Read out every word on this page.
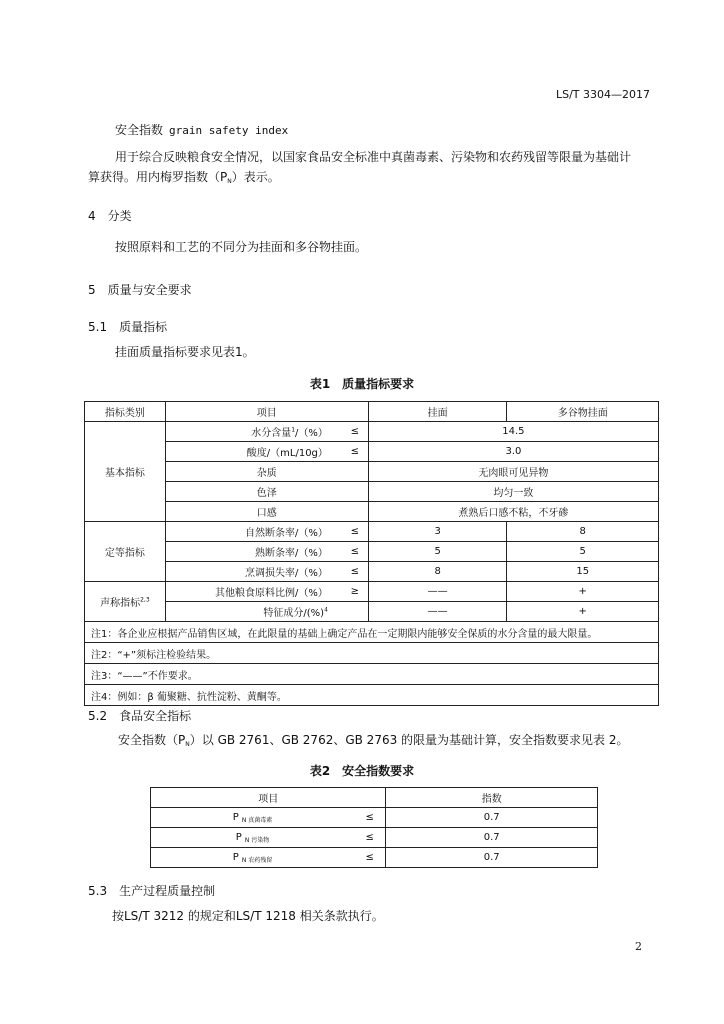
LS/T 3304—2017
安全指数 grain safety index
用于综合反映粮食安全情况，以国家食品安全标准中真菌毒素、污染物和农药残留等限量为基础计
算获得。用内梅罗指数$(P_N)$表示。
4 分类
按照原料和工艺的不同分为挂面和多谷物挂面。
5 质量与安全要求
5.1 质量指标
挂面质量指标要求见表1。
表1　质量指标要求
指标类别	项目		挂面	多谷物挂面
基本指标	水分含量$^1$/（%）	≤	14.5	
	酸度/（mL/10g）	≤	3.0	
	杂质		无肉眼可见异物	
	色泽		均匀一致	
	口感		煮熟后口感不粘，不牙碜	
定等指标	自然断条率/（%）	≤	3	8
	熟断条率/（%）	≤	5	5
	烹调损失率/（%）	≤	8	15
声称指标$^{2,3}$	其他粮食原料比例/（%）	≥	——	+
	特征成分/(%)$^4$		——	+
注1：各企业应根据产品销售区域，在此限量的基础上确定产品在一定期限内能够安全保质的水分含量的最大限量。				
注2：“+”须标注检验结果。				
注3：“——”不作要求。				
注4：例如：β 葡聚糖、抗性淀粉、黄酮等。				
5.2 食品安全指标
安全指数$(P_N)$以 GB 2761、GB 2762、GB 2763 的限量为基础计算，安全指数要求见表 2。
表2　安全指数要求
项目		指数
P $_{N 真菌毒素}$	≤	0.7
P $_{N 污染物}$	≤	0.7
P $_{N 农药残留}$	≤	0.7
5.3 生产过程质量控制
按LS/T 3212 的规定和LS/T 1218 相关条款执行。
2
